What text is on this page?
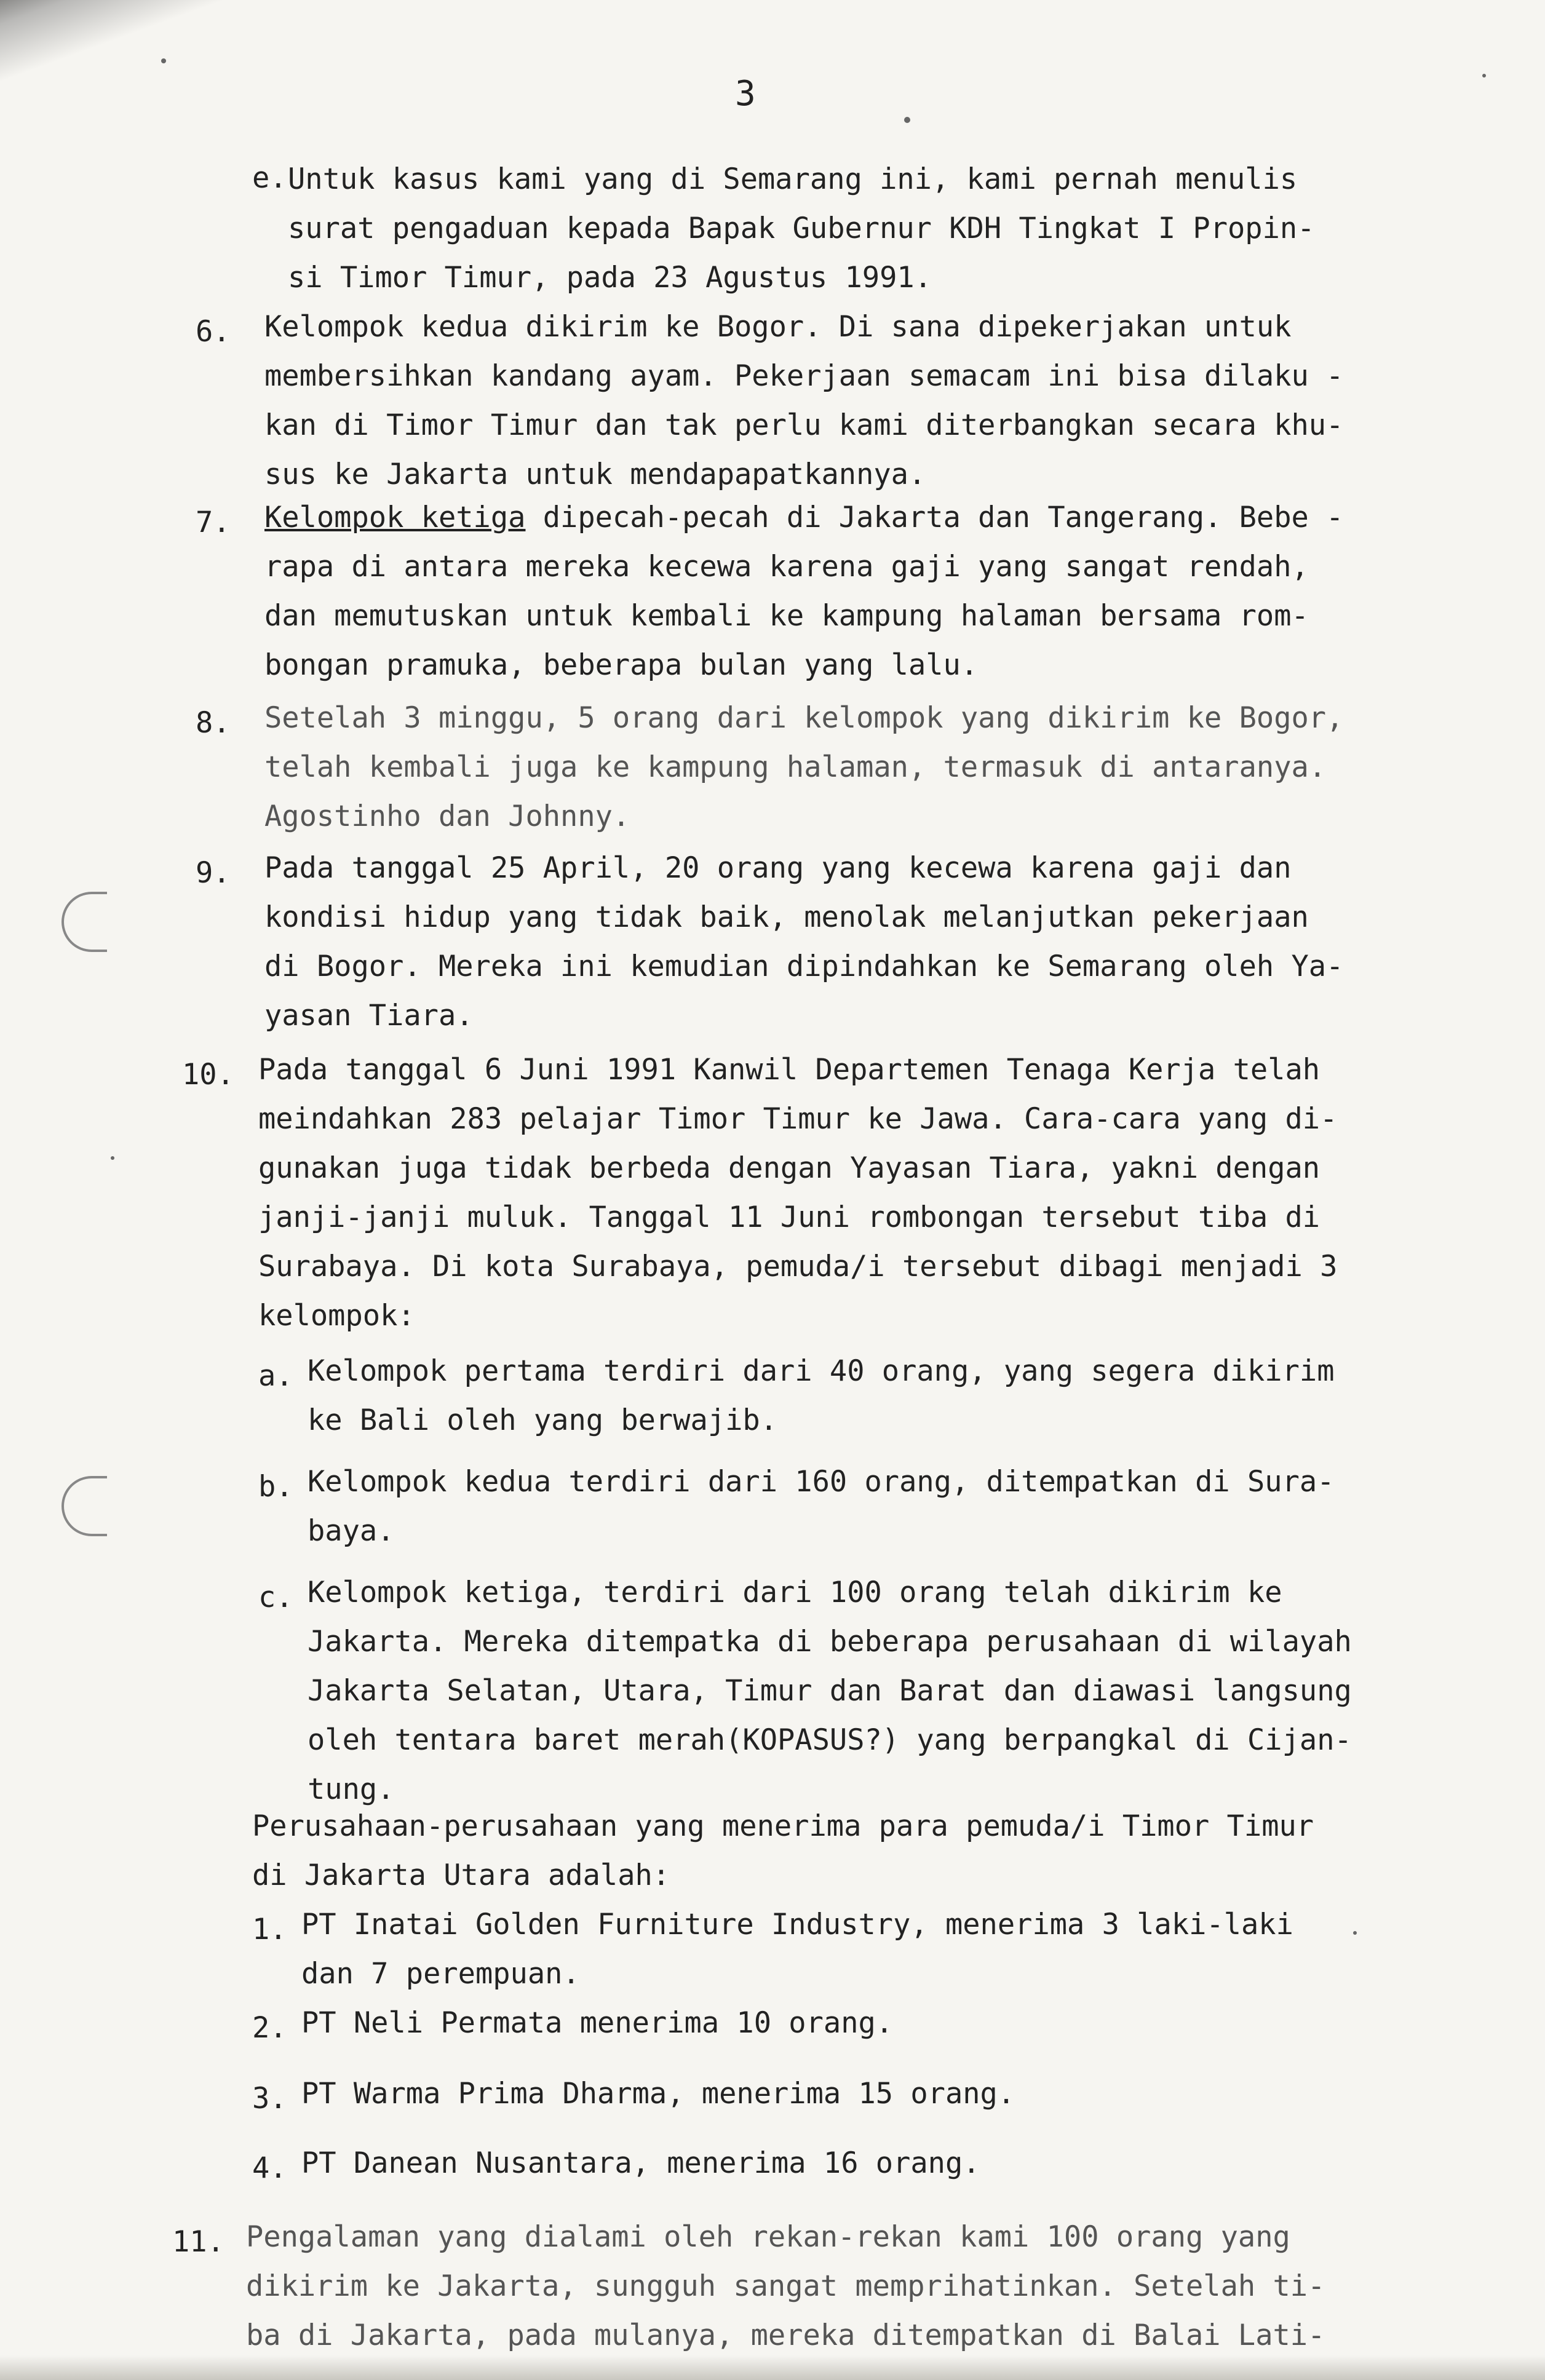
3
e. Untuk kasus kami yang di Semarang ini, kami pernah menulis
surat pengaduan kepada Bapak Gubernur KDH Tingkat I Propin-
si Timor Timur, pada 23 Agustus 1991.
6. Kelompok kedua dikirim ke Bogor. Di sana dipekerjakan untuk
membersihkan kandang ayam. Pekerjaan semacam ini bisa dilaku -
kan di Timor Timur dan tak perlu kami diterbangkan secara khu-
sus ke Jakarta untuk mendapapatkannya.
7. Kelompok ketiga dipecah-pecah di Jakarta dan Tangerang. Bebe -
rapa di antara mereka kecewa karena gaji yang sangat rendah,
dan memutuskan untuk kembali ke kampung halaman bersama rom-
bongan pramuka, beberapa bulan yang lalu.
8. Setelah 3 minggu, 5 orang dari kelompok yang dikirim ke Bogor,
telah kembali juga ke kampung halaman, termasuk di antaranya.
Agostinho dan Johnny.
9. Pada tanggal 25 April, 20 orang yang kecewa karena gaji dan
kondisi hidup yang tidak baik, menolak melanjutkan pekerjaan
di Bogor. Mereka ini kemudian dipindahkan ke Semarang oleh Ya-
yasan Tiara.
10. Pada tanggal 6 Juni 1991 Kanwil Departemen Tenaga Kerja telah
meindahkan 283 pelajar Timor Timur ke Jawa. Cara-cara yang di-
gunakan juga tidak berbeda dengan Yayasan Tiara, yakni dengan
janji-janji muluk. Tanggal 11 Juni rombongan tersebut tiba di
Surabaya. Di kota Surabaya, pemuda/i tersebut dibagi menjadi 3
kelompok:
a. Kelompok pertama terdiri dari 40 orang, yang segera dikirim
ke Bali oleh yang berwajib.
b. Kelompok kedua terdiri dari 160 orang, ditempatkan di Sura-
baya.
c. Kelompok ketiga, terdiri dari 100 orang telah dikirim ke
Jakarta. Mereka ditempatka di beberapa perusahaan di wilayah
Jakarta Selatan, Utara, Timur dan Barat dan diawasi langsung
oleh tentara baret merah(KOPASUS?) yang berpangkal di Cijan-
tung.
Perusahaan-perusahaan yang menerima para pemuda/i Timor Timur
di Jakarta Utara adalah:
1. PT Inatai Golden Furniture Industry, menerima 3 laki-laki
dan 7 perempuan.
2. PT Neli Permata menerima 10 orang.
3. PT Warma Prima Dharma, menerima 15 orang.
4. PT Danean Nusantara, menerima 16 orang.
11. Pengalaman yang dialami oleh rekan-rekan kami 100 orang yang
dikirim ke Jakarta, sungguh sangat memprihatinkan. Setelah ti-
ba di Jakarta, pada mulanya, mereka ditempatkan di Balai Lati-
